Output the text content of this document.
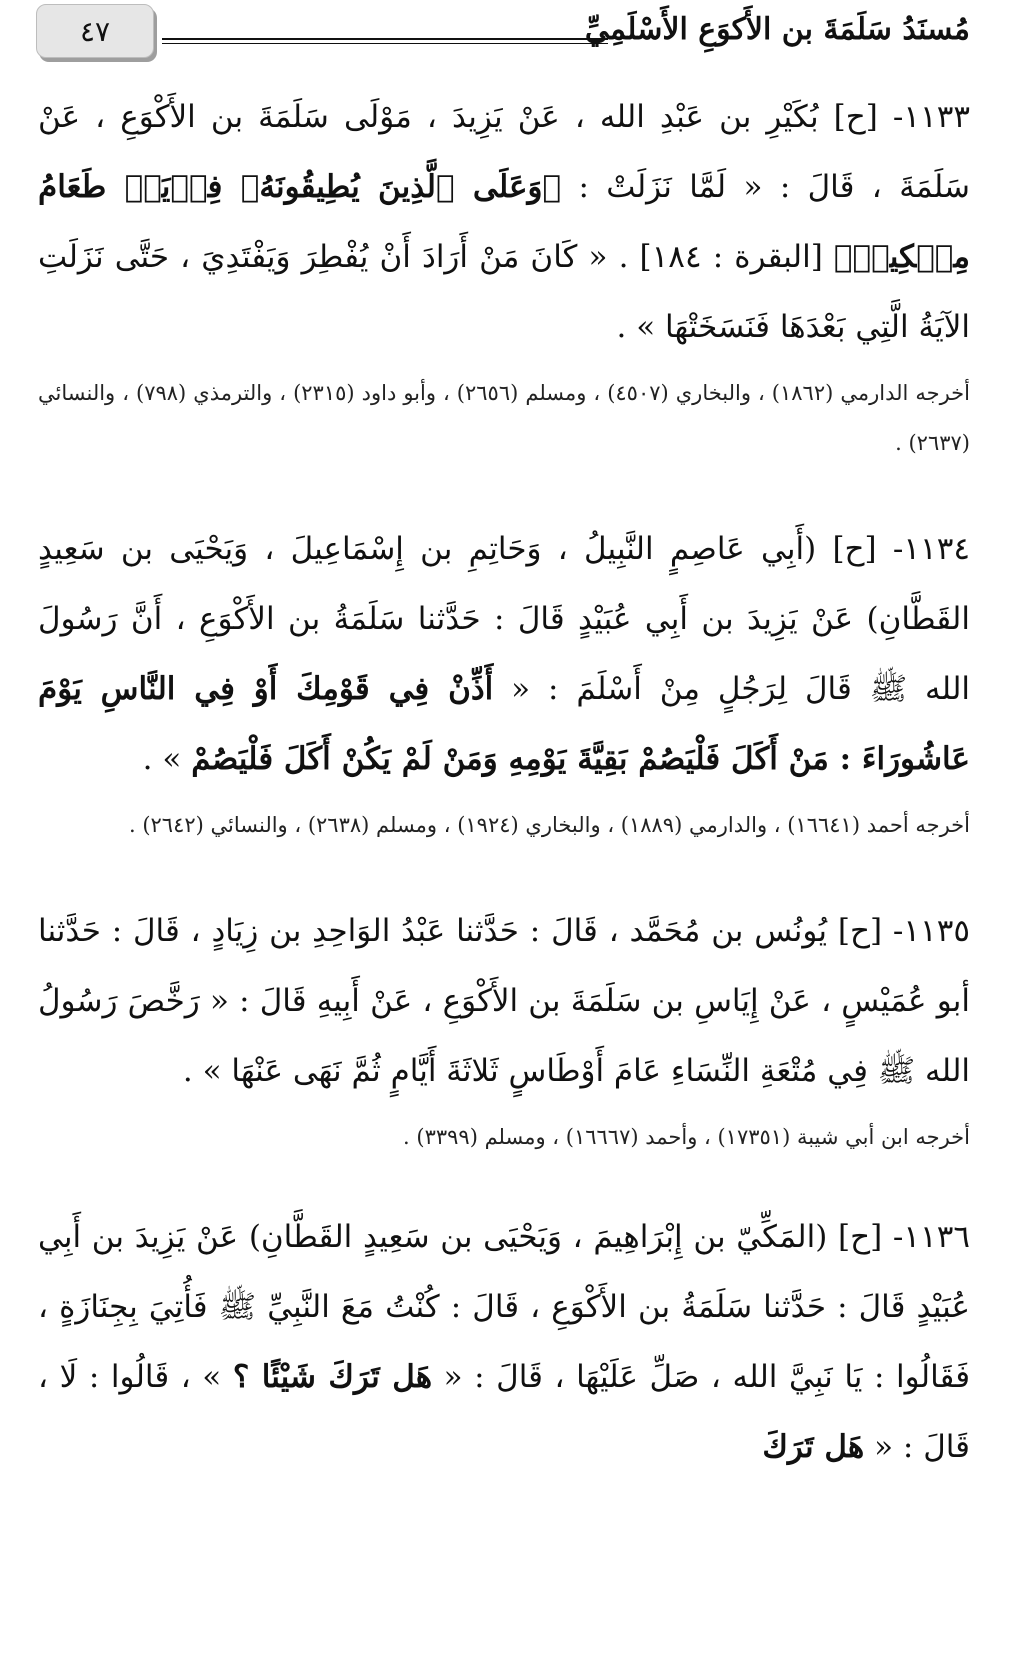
٤٧	مُسنَدُ سَلَمَةَ بن الأَكوَعِ الأَسْلَمِيِّ

١١٣٣- [ح] بُكَيْرِ بن عَبْدِ الله ، عَنْ يَزِيدَ ، مَوْلَى سَلَمَةَ بن الأَكْوَعِ ، عَنْ سَلَمَةَ ، قَالَ : « لَمَّا نَزَلَتْ : ﴿وَعَلَى ٱلَّذِينَ يُطِيقُونَهُۥ فِدۡيَةٞ طَعَامُ مِسۡكِينٖ﴾ [البقرة : ١٨٤] . « كَانَ مَنْ أَرَادَ أَنْ يُفْطِرَ وَيَفْتَدِيَ ، حَتَّى نَزَلَتِ الآيَةُ الَّتِي بَعْدَهَا فَنَسَخَتْهَا » .

أخرجه الدارمي (١٨٦٢) ، والبخاري (٤٥٠٧) ، ومسلم (٢٦٥٦) ، وأبو داود (٢٣١٥) ، والترمذي (٧٩٨) ، والنسائي (٢٦٣٧) .

١١٣٤- [ح] (أَبِي عَاصِمٍ النَّبِيلُ ، وَحَاتِمِ بن إِسْمَاعِيلَ ، وَيَحْيَى بن سَعِيدٍ القَطَّانِ) عَنْ يَزِيدَ بن أَبِي عُبَيْدٍ قَالَ : حَدَّثنا سَلَمَةُ بن الأَكْوَعِ ، أَنَّ رَسُولَ الله ﷺ قَالَ لِرَجُلٍ مِنْ أَسْلَمَ : « أَذِّنْ فِي قَوْمِكَ أَوْ فِي النَّاسِ يَوْمَ عَاشُورَاءَ : مَنْ أَكَلَ فَلْيَصُمْ بَقِيَّةَ يَوْمِهِ وَمَنْ لَمْ يَكُنْ أَكَلَ فَلْيَصُمْ » .

أخرجه أحمد (١٦٦٤١) ، والدارمي (١٨٨٩) ، والبخاري (١٩٢٤) ، ومسلم (٢٦٣٨) ، والنسائي (٢٦٤٢) .

١١٣٥- [ح] يُونُس بن مُحَمَّد ، قَالَ : حَدَّثنا عَبْدُ الوَاحِدِ بن زِيَادٍ ، قَالَ : حَدَّثنا أبو عُمَيْسٍ ، عَنْ إِيَاسِ بن سَلَمَةَ بن الأَكْوَعِ ، عَنْ أَبِيهِ قَالَ : « رَخَّصَ رَسُولُ الله ﷺ فِي مُتْعَةِ النِّسَاءِ عَامَ أَوْطَاسٍ ثَلاثَةَ أَيَّامٍ ثُمَّ نَهَى عَنْهَا » .

أخرجه ابن أبي شيبة (١٧٣٥١) ، وأحمد (١٦٦٦٧) ، ومسلم (٣٣٩٩) .

١١٣٦- [ح] (المَكِّيّ بن إِبْرَاهِيمَ ، وَيَحْيَى بن سَعِيدٍ القَطَّانِ) عَنْ يَزِيدَ بن أَبِي عُبَيْدٍ قَالَ : حَدَّثنا سَلَمَةُ بن الأَكْوَعِ ، قَالَ : كُنْتُ مَعَ النَّبِيِّ ﷺ فَأُتِيَ بِجِنَازَةٍ ، فَقَالُوا : يَا نَبِيَّ الله ، صَلِّ عَلَيْهَا ، قَالَ : « هَل تَرَكَ شَيْئًا ؟ » ، قَالُوا : لَا ، قَالَ : « هَل تَرَكَ
